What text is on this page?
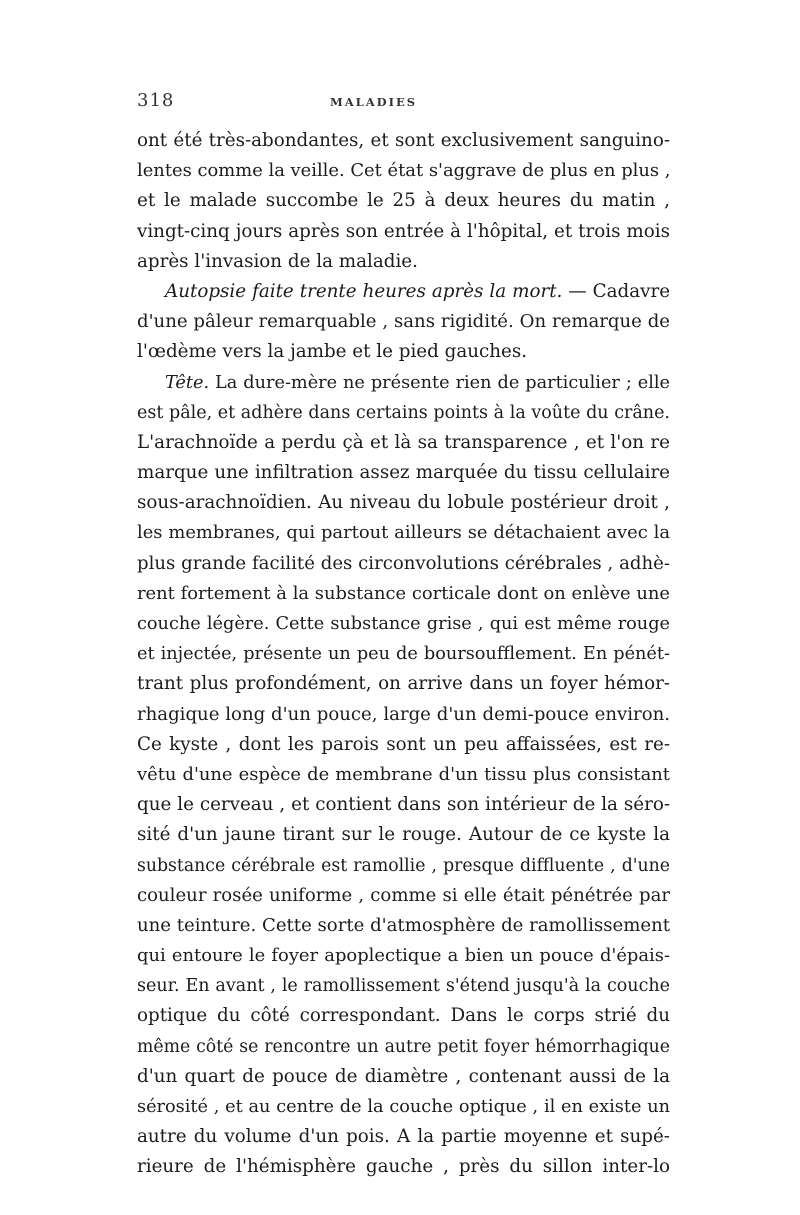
318	MALADIES
ont été très-abondantes, et sont exclusivement sanguino-
lentes comme la veille. Cet état s'aggrave de plus en plus ,
et le malade succombe le 25 à deux heures du matin ,
vingt-cinq jours après son entrée à l'hôpital, et trois mois
après l'invasion de la maladie.
Autopsie faite trente heures après la mort. — Cadavre
d'une pâleur remarquable , sans rigidité. On remarque de
l'œdème vers la jambe et le pied gauches.
Tête. La dure-mère ne présente rien de particulier ; elle
est pâle, et adhère dans certains points à la voûte du crâne.
L'arachnoïde a perdu çà et là sa transparence , et l'on re
marque une infiltration assez marquée du tissu cellulaire
sous-arachnoïdien. Au niveau du lobule postérieur droit ,
les membranes, qui partout ailleurs se détachaient avec la
plus grande facilité des circonvolutions cérébrales , adhè-
rent fortement à la substance corticale dont on enlève une
couche légère. Cette substance grise , qui est même rouge
et injectée, présente un peu de boursoufflement. En pénét-
trant plus profondément, on arrive dans un foyer hémor-
rhagique long d'un pouce, large d'un demi-pouce environ.
Ce kyste , dont les parois sont un peu affaissées, est re-
vêtu d'une espèce de membrane d'un tissu plus consistant
que le cerveau , et contient dans son intérieur de la séro-
sité d'un jaune tirant sur le rouge. Autour de ce kyste la
substance cérébrale est ramollie , presque diffluente , d'une
couleur rosée uniforme , comme si elle était pénétrée par
une teinture. Cette sorte d'atmosphère de ramollissement
qui entoure le foyer apoplectique a bien un pouce d'épais-
seur. En avant , le ramollissement s'étend jusqu'à la couche
optique du côté correspondant. Dans le corps strié du
même côté se rencontre un autre petit foyer hémorrhagique
d'un quart de pouce de diamètre , contenant aussi de la
sérosité , et au centre de la couche optique , il en existe un
autre du volume d'un pois. A la partie moyenne et supé-
rieure de l'hémisphère gauche , près du sillon inter-lo
